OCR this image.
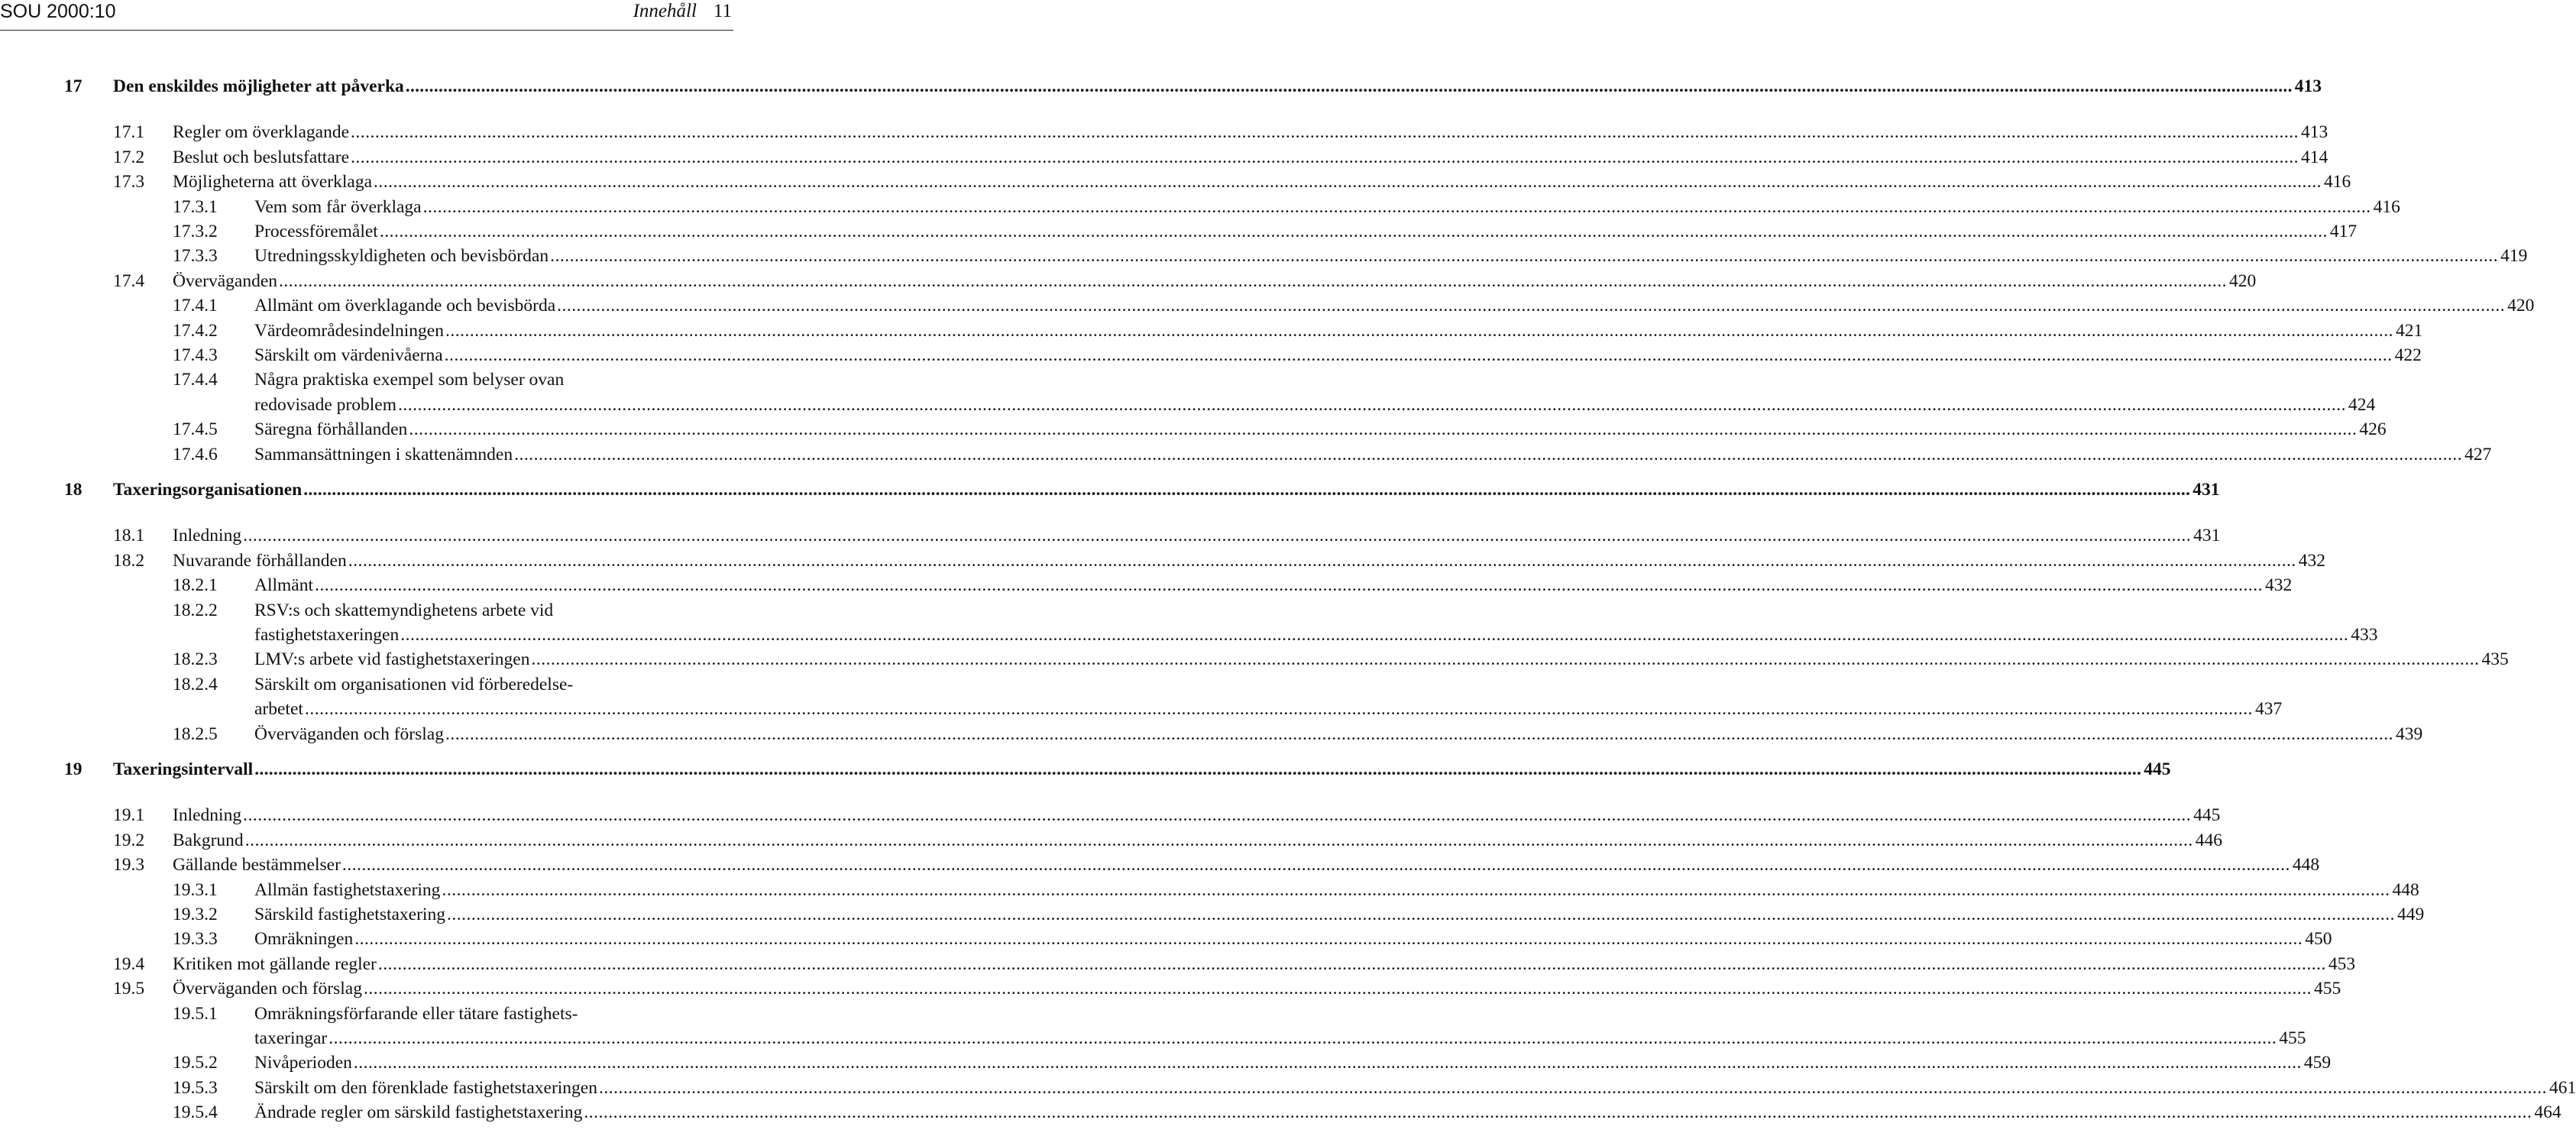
SOU 2000:10	Innehåll 11
17 Den enskildes möjligheter att påverka ................................................................................................................................................................................................................................................................................................................................................................................................................ 413
17.1 Regler om överklagande ................................................................................................................................................................................................................................................................................................................................................................................................................ 413
17.2 Beslut och beslutsfattare ................................................................................................................................................................................................................................................................................................................................................................................................................ 414
17.3 Möjligheterna att överklaga ................................................................................................................................................................................................................................................................................................................................................................................................................ 416
17.3.1 Vem som får överklaga ................................................................................................................................................................................................................................................................................................................................................................................................................ 416
17.3.2 Processföremålet ................................................................................................................................................................................................................................................................................................................................................................................................................ 417
17.3.3 Utredningsskyldigheten och bevisbördan ................................................................................................................................................................................................................................................................................................................................................................................................................ 419
17.4 Överväganden ................................................................................................................................................................................................................................................................................................................................................................................................................ 420
17.4.1 Allmänt om överklagande och bevisbörda ................................................................................................................................................................................................................................................................................................................................................................................................................ 420
17.4.2 Värdeområdesindelningen ................................................................................................................................................................................................................................................................................................................................................................................................................ 421
17.4.3 Särskilt om värdenivåerna ................................................................................................................................................................................................................................................................................................................................................................................................................ 422
17.4.4 Några praktiska exempel som belyser ovan
redovisade problem ................................................................................................................................................................................................................................................................................................................................................................................................................ 424
17.4.5 Säregna förhållanden ................................................................................................................................................................................................................................................................................................................................................................................................................ 426
17.4.6 Sammansättningen i skattenämnden ................................................................................................................................................................................................................................................................................................................................................................................................................ 427
18 Taxeringsorganisationen ................................................................................................................................................................................................................................................................................................................................................................................................................ 431
18.1 Inledning ................................................................................................................................................................................................................................................................................................................................................................................................................ 431
18.2 Nuvarande förhållanden ................................................................................................................................................................................................................................................................................................................................................................................................................ 432
18.2.1 Allmänt ................................................................................................................................................................................................................................................................................................................................................................................................................ 432
18.2.2 RSV:s och skattemyndighetens arbete vid
fastighetstaxeringen ................................................................................................................................................................................................................................................................................................................................................................................................................ 433
18.2.3 LMV:s arbete vid fastighetstaxeringen ................................................................................................................................................................................................................................................................................................................................................................................................................ 435
18.2.4 Särskilt om organisationen vid förberedelse-
arbetet ................................................................................................................................................................................................................................................................................................................................................................................................................ 437
18.2.5 Överväganden och förslag ................................................................................................................................................................................................................................................................................................................................................................................................................ 439
19 Taxeringsintervall ................................................................................................................................................................................................................................................................................................................................................................................................................ 445
19.1 Inledning ................................................................................................................................................................................................................................................................................................................................................................................................................ 445
19.2 Bakgrund ................................................................................................................................................................................................................................................................................................................................................................................................................ 446
19.3 Gällande bestämmelser ................................................................................................................................................................................................................................................................................................................................................................................................................ 448
19.3.1 Allmän fastighetstaxering ................................................................................................................................................................................................................................................................................................................................................................................................................ 448
19.3.2 Särskild fastighetstaxering ................................................................................................................................................................................................................................................................................................................................................................................................................ 449
19.3.3 Omräkningen ................................................................................................................................................................................................................................................................................................................................................................................................................ 450
19.4 Kritiken mot gällande regler ................................................................................................................................................................................................................................................................................................................................................................................................................ 453
19.5 Överväganden och förslag ................................................................................................................................................................................................................................................................................................................................................................................................................ 455
19.5.1 Omräkningsförfarande eller tätare fastighets-
taxeringar ................................................................................................................................................................................................................................................................................................................................................................................................................ 455
19.5.2 Nivåperioden ................................................................................................................................................................................................................................................................................................................................................................................................................ 459
19.5.3 Särskilt om den förenklade fastighetstaxeringen ................................................................................................................................................................................................................................................................................................................................................................................................................ 461
19.5.4 Ändrade regler om särskild fastighetstaxering ................................................................................................................................................................................................................................................................................................................................................................................................................ 464
